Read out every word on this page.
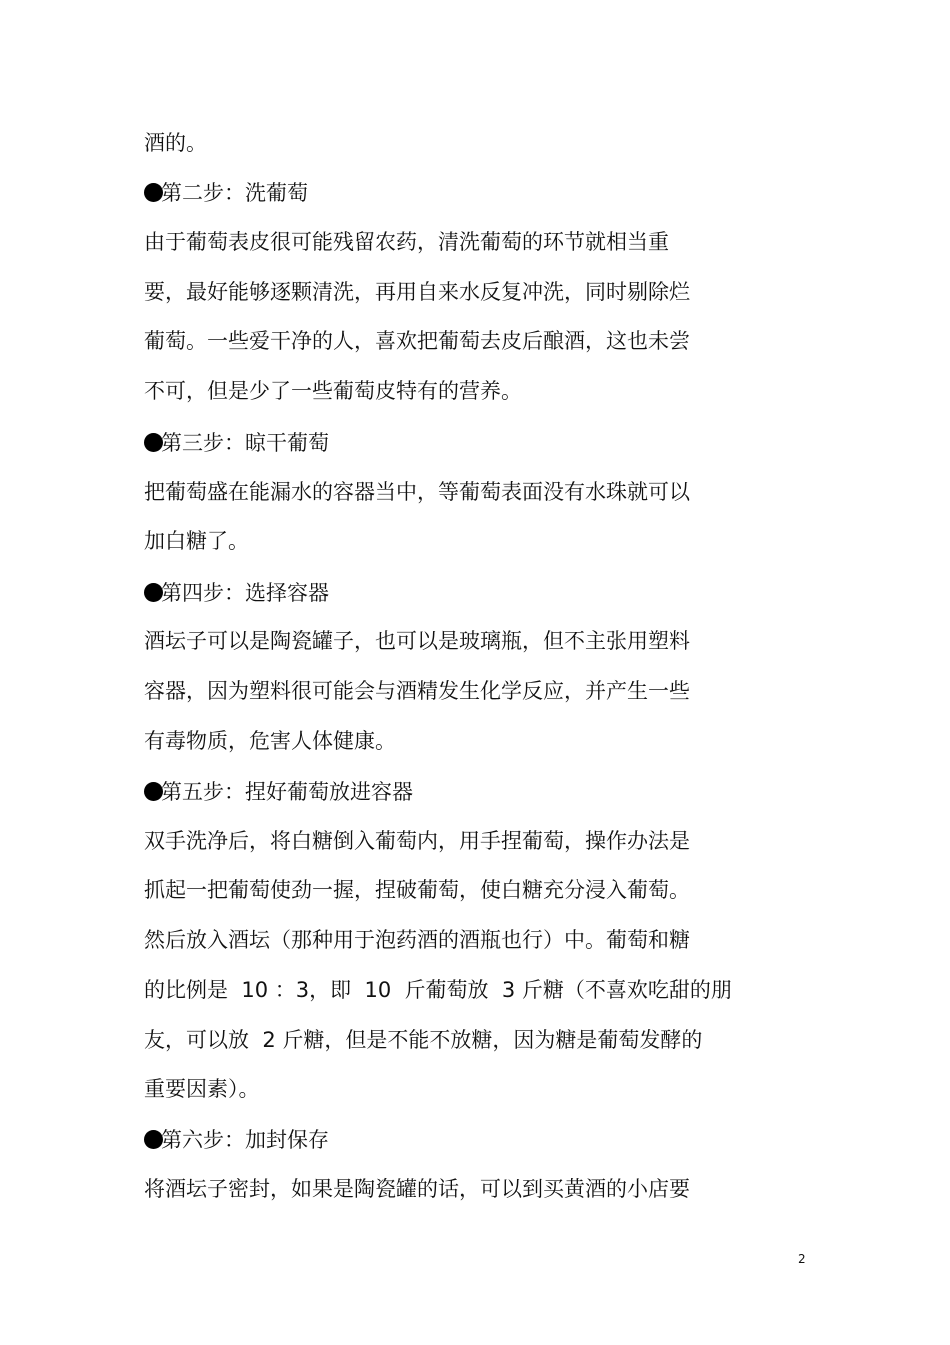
酒的。
第二步：洗葡萄
由于葡萄表皮很可能残留农药，清洗葡萄的环节就相当重
要，最好能够逐颗清洗，再用自来水反复冲洗，同时剔除烂
葡萄。一些爱干净的人，喜欢把葡萄去皮后酿酒，这也未尝
不可，但是少了一些葡萄皮特有的营养。
第三步：晾干葡萄
把葡萄盛在能漏水的容器当中，等葡萄表面没有水珠就可以
加白糖了。
第四步：选择容器
酒坛子可以是陶瓷罐子，也可以是玻璃瓶，但不主张用塑料
容器，因为塑料很可能会与酒精发生化学反应，并产生一些
有毒物质，危害人体健康。
第五步：捏好葡萄放进容器
双手洗净后，将白糖倒入葡萄内，用手捏葡萄，操作办法是
抓起一把葡萄使劲一握，捏破葡萄，使白糖充分浸入葡萄。
然后放入酒坛（那种用于泡药酒的酒瓶也行）中。葡萄和糖
的比例是  10 ：3，即  10  斤葡萄放  3 斤糖（不喜欢吃甜的朋
友，可以放  2 斤糖，但是不能不放糖，因为糖是葡萄发酵的
重要因素）。
第六步：加封保存
将酒坛子密封，如果是陶瓷罐的话，可以到买黄酒的小店要
2
